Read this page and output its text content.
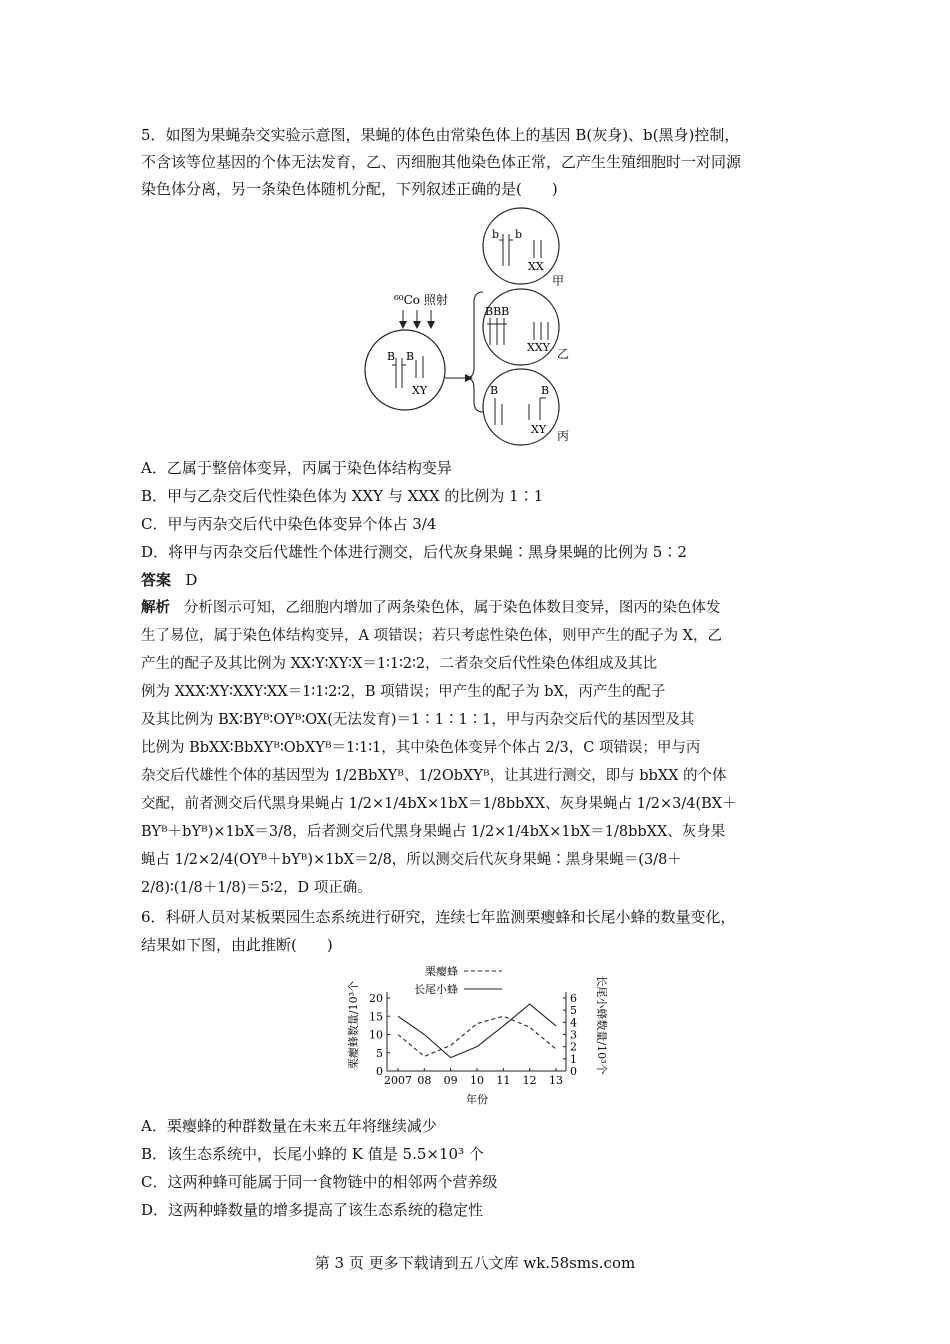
5．如图为果蝇杂交实验示意图，果蝇的体色由常染色体上的基因 B(灰身)、b(黑身)控制，
不含该等位基因的个体无法发育，乙、丙细胞其他染色体正常，乙产生生殖细胞时一对同源
染色体分离，另一条染色体随机分配，下列叙述正确的是(　　)
⁶⁰Co 照射
B B
XY
b b
XX
甲
BBB
XXY 乙
B	B
XY 丙
A．乙属于整倍体变异，丙属于染色体结构变异
B．甲与乙杂交后代性染色体为 XXY 与 XXX 的比例为 1∶1
C．甲与丙杂交后代中染色体变异个体占 3/4
D．将甲与丙杂交后代雄性个体进行测交，后代灰身果蝇∶黑身果蝇的比例为 5∶2
答案 D
解析 分析图示可知，乙细胞内增加了两条染色体，属于染色体数目变异，图丙的染色体发
生了易位，属于染色体结构变异，A 项错误；若只考虑性染色体，则甲产生的配子为 X，乙
产生的配子及其比例为 XX∶Y∶XY∶X＝1∶1∶2∶2，二者杂交后代性染色体组成及其比
例为 XXX∶XY∶XXY∶XX＝1∶1∶2∶2，B 项错误；甲产生的配子为 bX，丙产生的配子
及其比例为 BX∶BYᴮ∶OYᴮ∶OX(无法发育)＝1∶1∶1∶1，甲与丙杂交后代的基因型及其
比例为 BbXX∶BbXYᴮ∶ObXYᴮ＝1∶1∶1，其中染色体变异个体占 2/3，C 项错误；甲与丙
杂交后代雄性个体的基因型为 1/2BbXYᴮ、1/2ObXYᴮ，让其进行测交，即与 bbXX 的个体
交配，前者测交后代黑身果蝇占 1/2×1/4bX×1bX＝1/8bbXX、灰身果蝇占 1/2×3/4(BX＋
BYᴮ＋bYᴮ)×1bX＝3/8，后者测交后代黑身果蝇占 1/2×1/4bX×1bX＝1/8bbXX、灰身果
蝇占 1/2×2/4(OYᴮ＋bYᴮ)×1bX＝2/8，所以测交后代灰身果蝇∶黑身果蝇＝(3/8＋
2/8)∶(1/8＋1/8)＝5∶2，D 项正确。
6．科研人员对某板栗园生态系统进行研究，连续七年监测栗瘿蜂和长尾小蜂的数量变化，
结果如下图，由此推断(　　)
栗瘿蜂数量/10³个	长尾小蜂数量/10³个
年份
栗瘿蜂
长尾小蜂
2007 08 09 10 11 12 13
0
5
10
15
20
0
1
2
3
4
5
6
A．栗瘿蜂的种群数量在未来五年将继续减少
B．该生态系统中，长尾小蜂的 K 值是 5.5×10³ 个
C．这两种蜂可能属于同一食物链中的相邻两个营养级
D．这两种蜂数量的增多提高了该生态系统的稳定性
第 3 页 更多下载请到五八文库 wk.58sms.com
